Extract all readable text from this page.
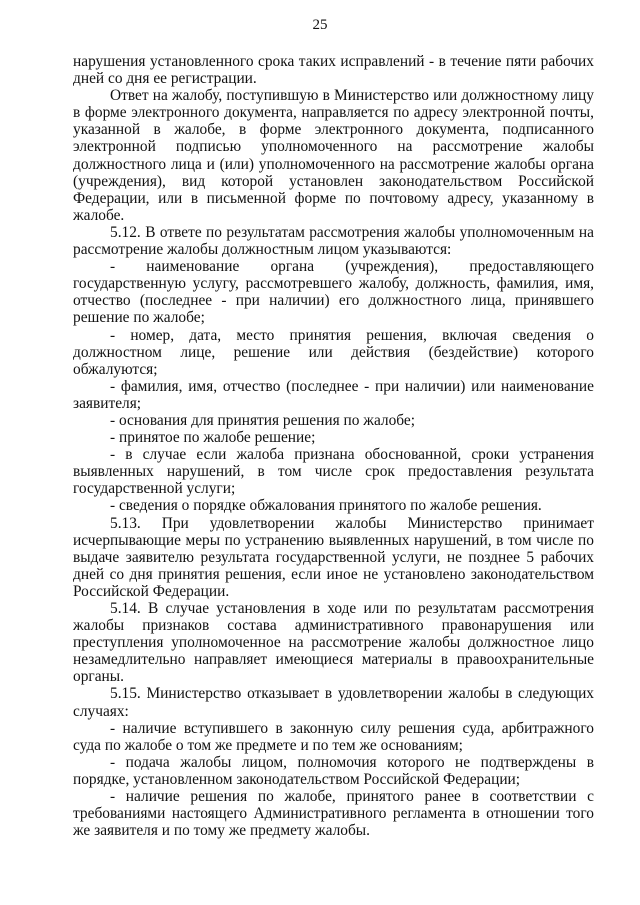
25

нарушения установленного срока таких исправлений - в течение пяти рабочих дней со дня ее регистрации.

Ответ на жалобу, поступившую в Министерство или должностному лицу в форме электронного документа, направляется по адресу электронной почты, указанной в жалобе, в форме электронного документа, подписанного электронной подписью уполномоченного на рассмотрение жалобы должностного лица и (или) уполномоченного на рассмотрение жалобы органа (учреждения), вид которой установлен законодательством Российской Федерации, или в письменной форме по почтовому адресу, указанному в жалобе.

5.12. В ответе по результатам рассмотрения жалобы уполномоченным на рассмотрение жалобы должностным лицом указываются:

- наименование органа (учреждения), предоставляющего государственную услугу, рассмотревшего жалобу, должность, фамилия, имя, отчество (последнее - при наличии) его должностного лица, принявшего решение по жалобе;

- номер, дата, место принятия решения, включая сведения о должностном лице, решение или действия (бездействие) которого обжалуются;

- фамилия, имя, отчество (последнее - при наличии) или наименование заявителя;

- основания для принятия решения по жалобе;

- принятое по жалобе решение;

- в случае если жалоба признана обоснованной, сроки устранения выявленных нарушений, в том числе срок предоставления результата государственной услуги;

- сведения о порядке обжалования принятого по жалобе решения.

5.13. При удовлетворении жалобы Министерство принимает исчерпывающие меры по устранению выявленных нарушений, в том числе по выдаче заявителю результата государственной услуги, не позднее 5 рабочих дней со дня принятия решения, если иное не установлено законодательством Российской Федерации.

5.14. В случае установления в ходе или по результатам рассмотрения жалобы признаков состава административного правонарушения или преступления уполномоченное на рассмотрение жалобы должностное лицо незамедлительно направляет имеющиеся материалы в правоохранительные органы.

5.15. Министерство отказывает в удовлетворении жалобы в следующих случаях:

- наличие вступившего в законную силу решения суда, арбитражного суда по жалобе о том же предмете и по тем же основаниям;

- подача жалобы лицом, полномочия которого не подтверждены в порядке, установленном законодательством Российской Федерации;

- наличие решения по жалобе, принятого ранее в соответствии с требованиями настоящего Административного регламента в отношении того же заявителя и по тому же предмету жалобы.
